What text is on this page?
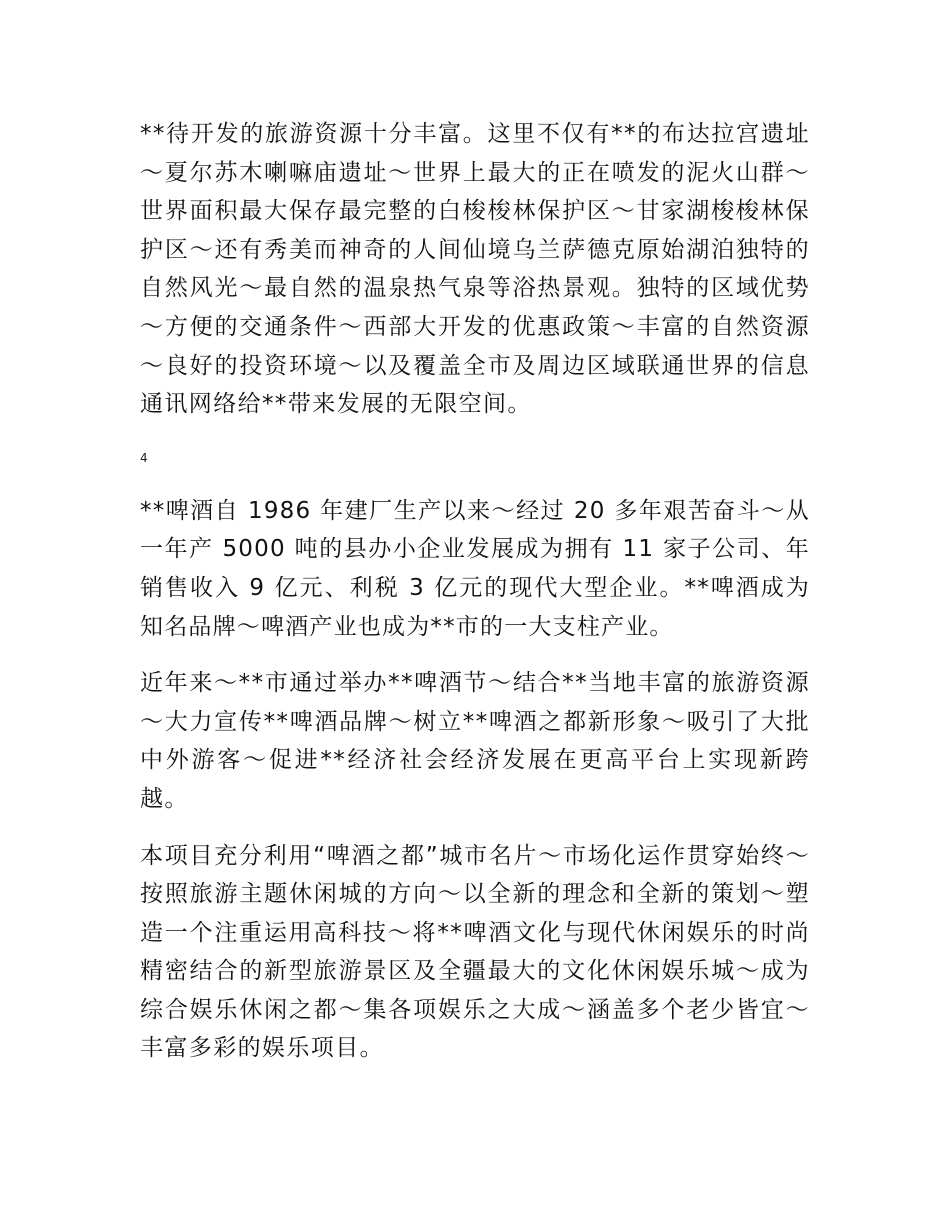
**待开发的旅游资源十分丰富。这里不仅有**的布达拉宫遗址～夏尔苏木喇嘛庙遗址～世界上最大的正在喷发的泥火山群～世界面积最大保存最完整的白梭梭林保护区～甘家湖梭梭林保护区～还有秀美而神奇的人间仙境乌兰萨德克原始湖泊独特的自然风光～最自然的温泉热气泉等浴热景观。独特的区域优势～方便的交通条件～西部大开发的优惠政策～丰富的自然资源～良好的投资环境～以及覆盖全市及周边区域联通世界的信息通讯网络给**带来发展的无限空间。

4

**啤酒自 1986 年建厂生产以来～经过 20 多年艰苦奋斗～从一年产 5000 吨的县办小企业发展成为拥有 11 家子公司、年销售收入 9 亿元、利税 3 亿元的现代大型企业。**啤酒成为知名品牌～啤酒产业也成为**市的一大支柱产业。

近年来～**市通过举办**啤酒节～结合**当地丰富的旅游资源～大力宣传**啤酒品牌～树立**啤酒之都新形象～吸引了大批中外游客～促进**经济社会经济发展在更高平台上实现新跨越。

本项目充分利用“啤酒之都”城市名片～市场化运作贯穿始终～按照旅游主题休闲城的方向～以全新的理念和全新的策划～塑造一个注重运用高科技～将**啤酒文化与现代休闲娱乐的时尚精密结合的新型旅游景区及全疆最大的文化休闲娱乐城～成为综合娱乐休闲之都～集各项娱乐之大成～涵盖多个老少皆宜～丰富多彩的娱乐项目。
